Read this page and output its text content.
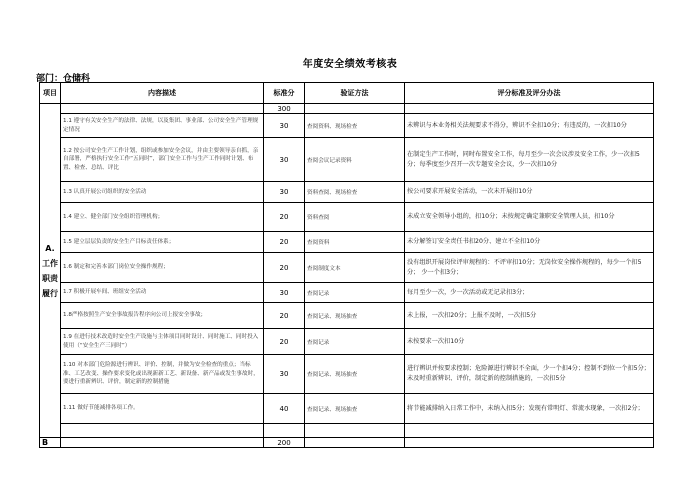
年度安全绩效考核表
部门：仓储科
项目	内容描述	标准分	验证方法	评分标准及评分办法
A.工作职责履行		300		
	1.1 遵守有关安全生产的法律、法规，以及集团、事业部、公司安全生产管理规定情况	30	查阅资料、现场检查	未辨识与本业务相关法规要求不得分，辨识不全扣10分；有违反的，一次扣10分
	1.2 按公司安全生产工作计划，组织或参加安全会议，并由主要领导亲自抓，亲自部署，严格执行安全工作“五同时”，部门安全工作与生产工作同时计划、布置、检查、总结、评比	30	查阅会议记录资料	在制定生产工作时，同时布置安全工作，每月至少一次会议涉及安全工作，少一次扣5分；每季度至少召开一次专题安全会议，少一次扣10分
	1.3 认真开展公司组织的安全活动	30	资料查阅、现场检查	按公司要求开展安全活动，一次未开展扣10分
	1.4 建立、健全部门安全组织管理机构；	20	资料查阅	未成立安全领导小组的，扣10分；未按规定确定兼职安全管理人员，扣10分
	1.5 建立层层负责的安全生产目标责任体系；	20	查阅资料	未分解签订安全责任书扣20分、建立不全扣10分
	1.6 制定和完善本部门岗位安全操作规程；	20	查阅制度文本	没有组织开展岗位评审规程的：不评审扣10分；无岗位安全操作规程的，每少一个扣5分； 少一个扣3分；
	1.7 积极开展车间、班组安全活动	30	查阅记录	每月至少一次，少一次活动或无记录扣3分；
	1.8严格按照生产安全事故报告程序向公司上报安全事故；	20	查阅记录、现场抽查	未上报，一次扣20分；上报不及时，一次扣5分
	1.9 在进行技术改造时安全生产设施与主体项目同时设计、同时施工、同时投入使用（“安全生产三同时”）	20	查阅记录	未按要求一次扣10分
	1.10 对本部门危险源进行辨识、评价、控制，并做为安全检查的重点；当标准、工艺改变、操作要求变化或出现新新工艺、新设备、新产品或发生事故时，要进行重新辨识、评价，制定新的控制措施	30	查阅记录、现场抽查	进行辨识并按要求控制；危险源进行辨识不全面，少一个扣4分；控制不到位一个扣5分；未及时重新辨识、评价，制定新的控制措施的，一次扣5分
	1.11 做好节能减排各项工作。	40	查阅记录、现场抽查	将节能减排纳入日常工作中，未纳入扣5分；发现有常明灯、常流水现象，一次扣2分；

B		200		
